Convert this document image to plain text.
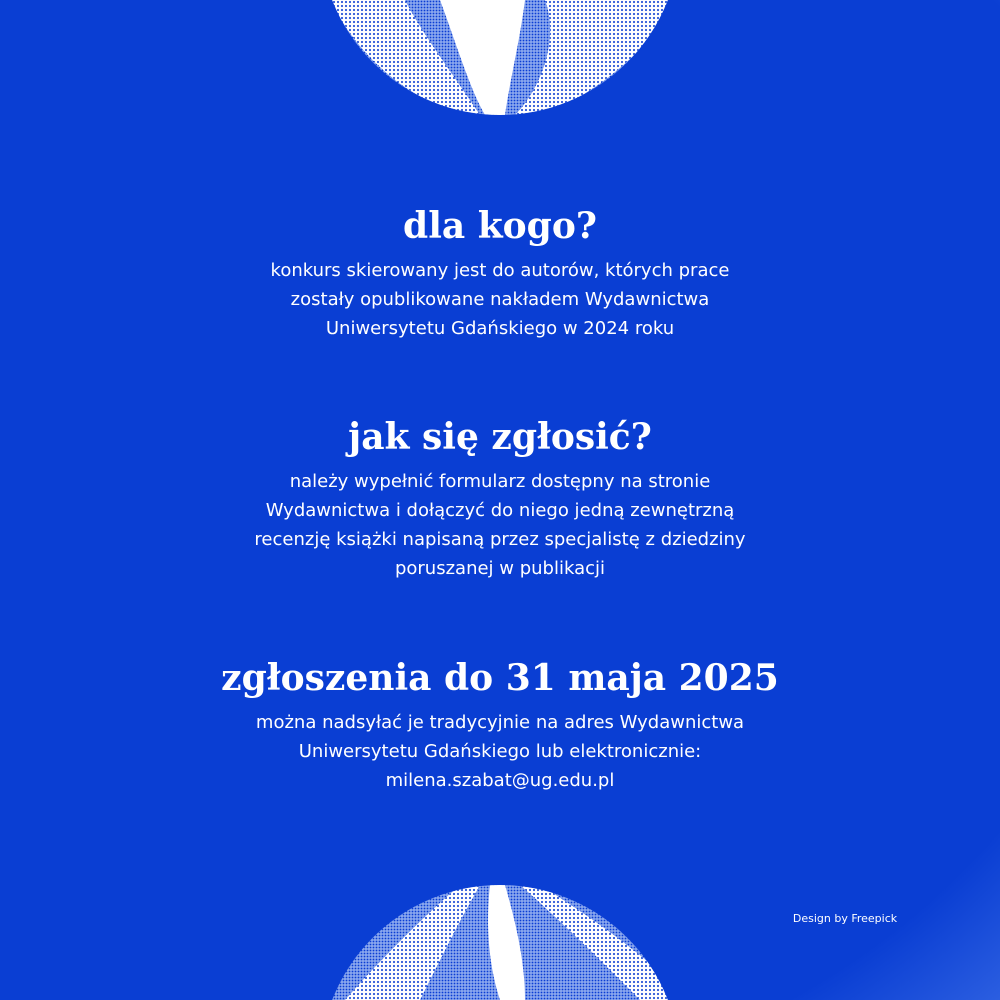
dla kogo?

konkurs skierowany jest do autorów, których prace
zostały opublikowane nakładem Wydawnictwa
Uniwersytetu Gdańskiego w 2024 roku

jak się zgłosić?

należy wypełnić formularz dostępny na stronie
Wydawnictwa i dołączyć do niego jedną zewnętrzną
recenzję książki napisaną przez specjalistę z dziedziny
poruszanej w publikacji

zgłoszenia do 31 maja 2025

można nadsyłać je tradycyjnie na adres Wydawnictwa
Uniwersytetu Gdańskiego lub elektronicznie:
milena.szabat@ug.edu.pl

Design by Freepick
